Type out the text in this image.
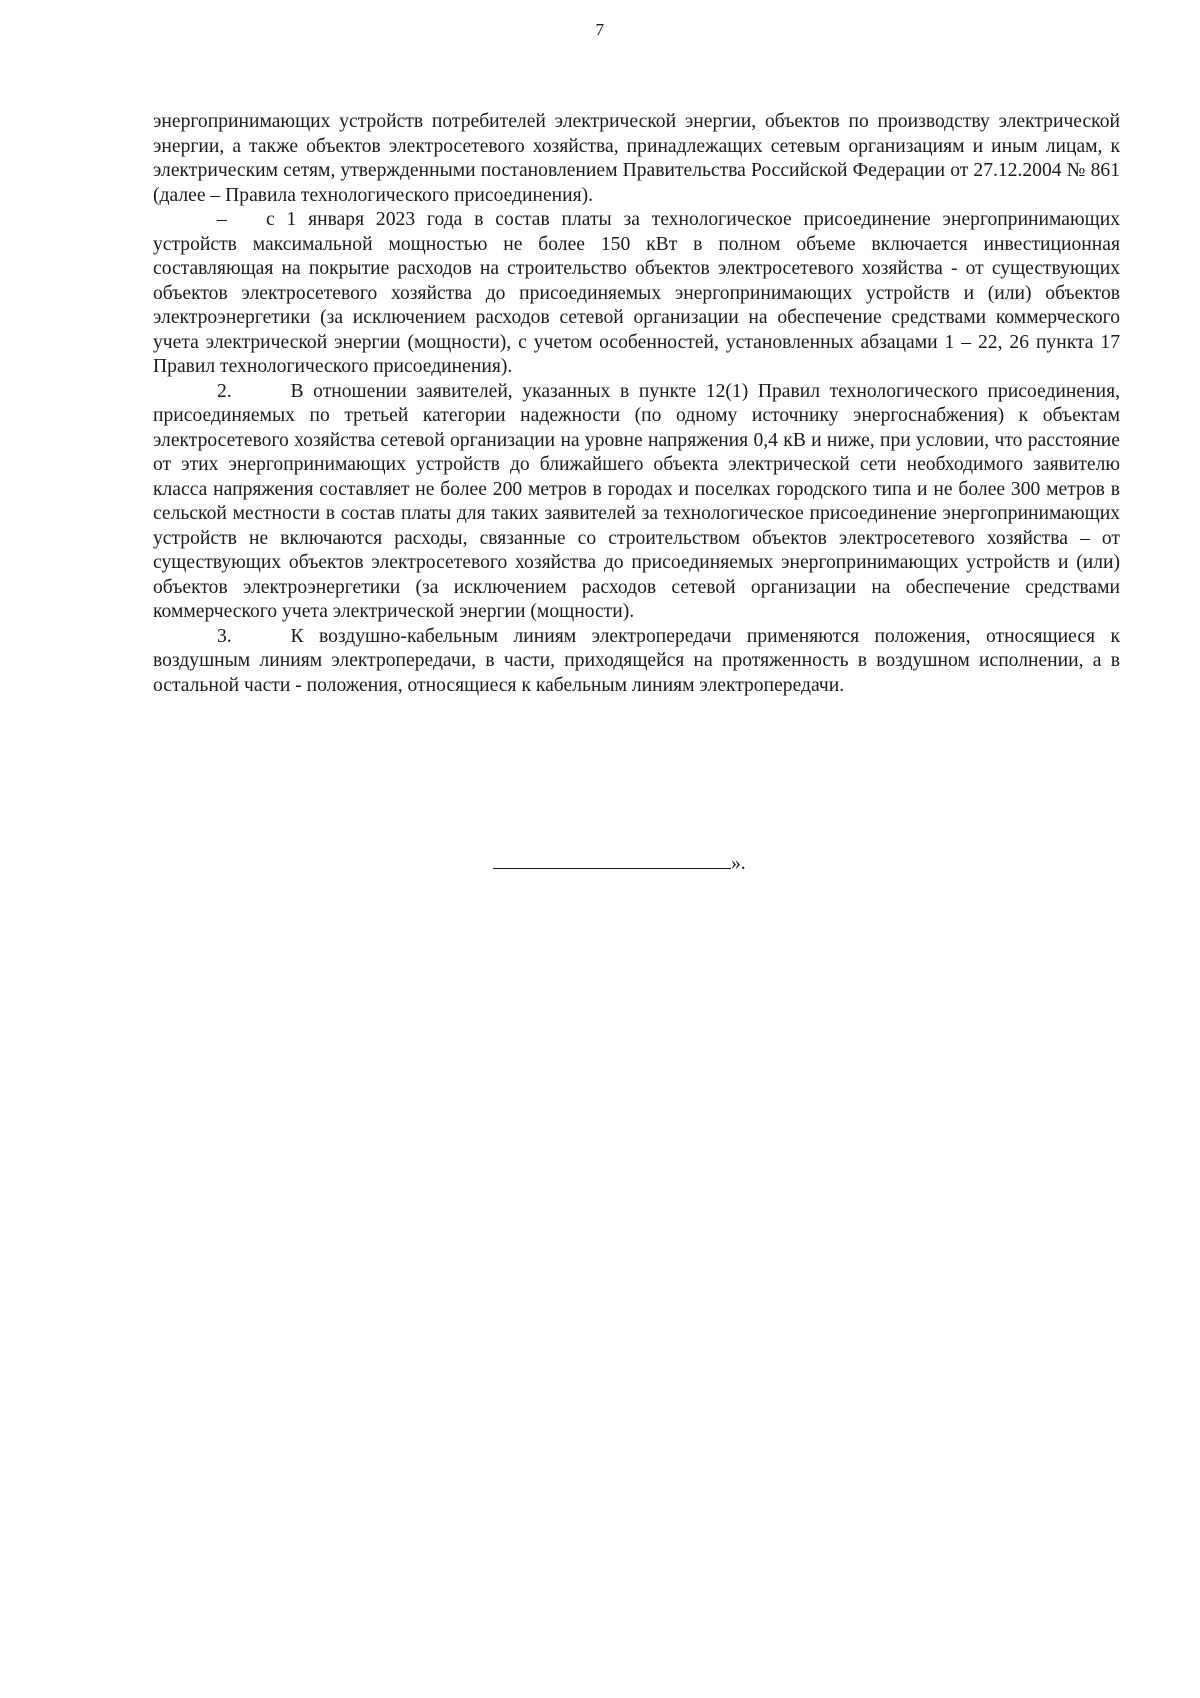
7

энергопринимающих устройств потребителей электрической энергии, объектов по производству электрической энергии, а также объектов электросетевого хозяйства, принадлежащих сетевым организациям и иным лицам, к электрическим сетям, утвержденными постановлением Правительства Российской Федерации от 27.12.2004 № 861 (далее – Правила технологического присоединения).

–  с 1 января 2023 года в состав платы за технологическое присоединение энергопринимающих устройств максимальной мощностью не более 150 кВт в полном объеме включается инвестиционная составляющая на покрытие расходов на строительство объектов электросетевого хозяйства - от существующих объектов электросетевого хозяйства до присоединяемых энергопринимающих устройств и (или) объектов электроэнергетики (за исключением расходов сетевой организации на обеспечение средствами коммерческого учета электрической энергии (мощности), с учетом особенностей, установленных абзацами 1 – 22, 26 пункта 17 Правил технологического присоединения).

2.   В отношении заявителей, указанных в пункте 12(1) Правил технологического присоединения, присоединяемых по третьей категории надежности (по одному источнику энергоснабжения) к объектам электросетевого хозяйства сетевой организации на уровне напряжения 0,4 кВ и ниже, при условии, что расстояние от этих энергопринимающих устройств до ближайшего объекта электрической сети необходимого заявителю класса напряжения составляет не более 200 метров в городах и поселках городского типа и не более 300 метров в сельской местности в состав платы для таких заявителей за технологическое присоединение энергопринимающих устройств не включаются расходы, связанные со строительством объектов электросетевого хозяйства – от существующих объектов электросетевого хозяйства до присоединяемых энергопринимающих устройств и (или) объектов электроэнергетики (за исключением расходов сетевой организации на обеспечение средствами коммерческого учета электрической энергии (мощности).

3.   К воздушно-кабельным линиям электропередачи применяются положения, относящиеся к воздушным линиям электропередачи, в части, приходящейся на протяженность в воздушном исполнении, а в остальной части - положения, относящиеся к кабельным линиям электропередачи.

».
